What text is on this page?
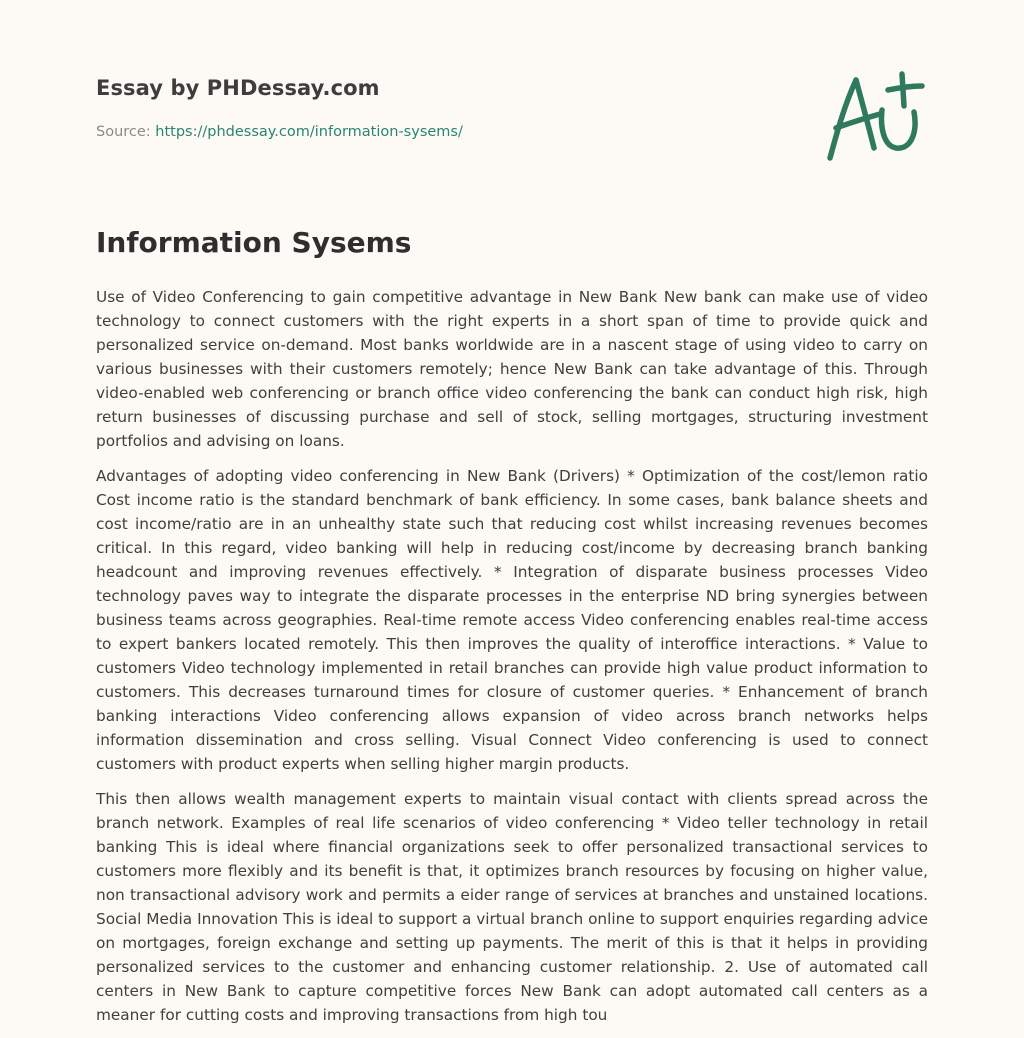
Essay by PHDessay.com
Source: https://phdessay.com/information-sysems/
Information Sysems

Use of Video Conferencing to gain competitive advantage in New Bank New bank can make use of video technology to connect customers with the right experts in a short span of time to provide quick and personalized service on-demand. Most banks worldwide are in a nascent stage of using video to carry on various businesses with their customers remotely; hence New Bank can take advantage of this. Through video-enabled web conferencing or branch office video conferencing the bank can conduct high risk, high return businesses of discussing purchase and sell of stock, selling mortgages, structuring investment portfolios and advising on loans.

Advantages of adopting video conferencing in New Bank (Drivers) * Optimization of the cost/lemon ratio Cost income ratio is the standard benchmark of bank efficiency. In some cases, bank balance sheets and cost income/ratio are in an unhealthy state such that reducing cost whilst increasing revenues becomes critical. In this regard, video banking will help in reducing cost/income by decreasing branch banking headcount and improving revenues effectively. * Integration of disparate business processes Video technology paves way to integrate the disparate processes in the enterprise ND bring synergies between business teams across geographies. Real-time remote access Video conferencing enables real-time access to expert bankers located remotely. This then improves the quality of interoffice interactions. * Value to customers Video technology implemented in retail branches can provide high value product information to customers. This decreases turnaround times for closure of customer queries. * Enhancement of branch banking interactions Video conferencing allows expansion of video across branch networks helps information dissemination and cross selling. Visual Connect Video conferencing is used to connect customers with product experts when selling higher margin products.

This then allows wealth management experts to maintain visual contact with clients spread across the branch network. Examples of real life scenarios of video conferencing * Video teller technology in retail banking This is ideal where financial organizations seek to offer personalized transactional services to customers more flexibly and its benefit is that, it optimizes branch resources by focusing on higher value, non transactional advisory work and permits a eider range of services at branches and unstained locations. Social Media Innovation This is ideal to support a virtual branch online to support enquiries regarding advice on mortgages, foreign exchange and setting up payments. The merit of this is that it helps in providing personalized services to the customer and enhancing customer relationship. 2. Use of automated call centers in New Bank to capture competitive forces New Bank can adopt automated call centers as a meaner for cutting costs and improving transactions from high tou
